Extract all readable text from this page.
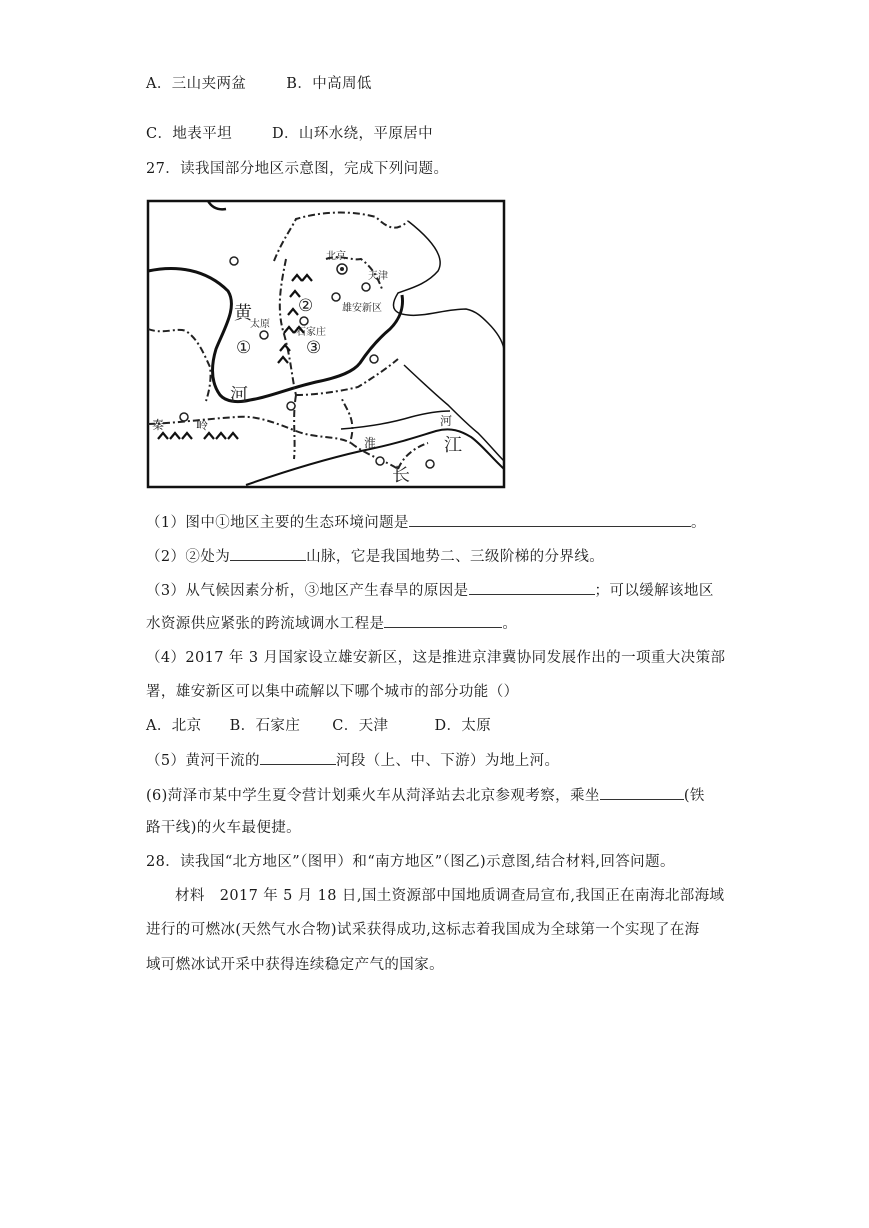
A．三山夹两盆	B．中高周低
C．地表平坦	D．山环水绕，平原居中
27．读我国部分地区示意图，完成下列问题。
北京
天津
雄安新区
太原
石家庄
黄
河
秦	岭
淮
河
江
长
①
②
③
（1）图中①地区主要的生态环境问题是	。
（2）②处为	山脉，它是我国地势二、三级阶梯的分界线。
（3）从气候因素分析，③地区产生春旱的原因是	；可以缓解该地区
水资源供应紧张的跨流域调水工程是	。
（4）2017 年 3 月国家设立雄安新区，这是推进京津冀协同发展作出的一项重大决策部
署，雄安新区可以集中疏解以下哪个城市的部分功能（）
A．北京 B．石家庄 C．天津	D．太原
（5）黄河干流的	河段（上、中、下游）为地上河。
(6)菏泽市某中学生夏令营计划乘火车从菏泽站去北京参观考察，乘坐	(铁
路干线)的火车最便捷。
28．读我国“北方地区”（图甲）和“南方地区”（图乙)示意图,结合材料,回答问题。
材料　2017 年 5 月 18 日,国土资源部中国地质调查局宣布,我国正在南海北部海域
进行的可燃冰(天然气水合物)试采获得成功,这标志着我国成为全球第一个实现了在海
域可燃冰试开采中获得连续稳定产气的国家。
